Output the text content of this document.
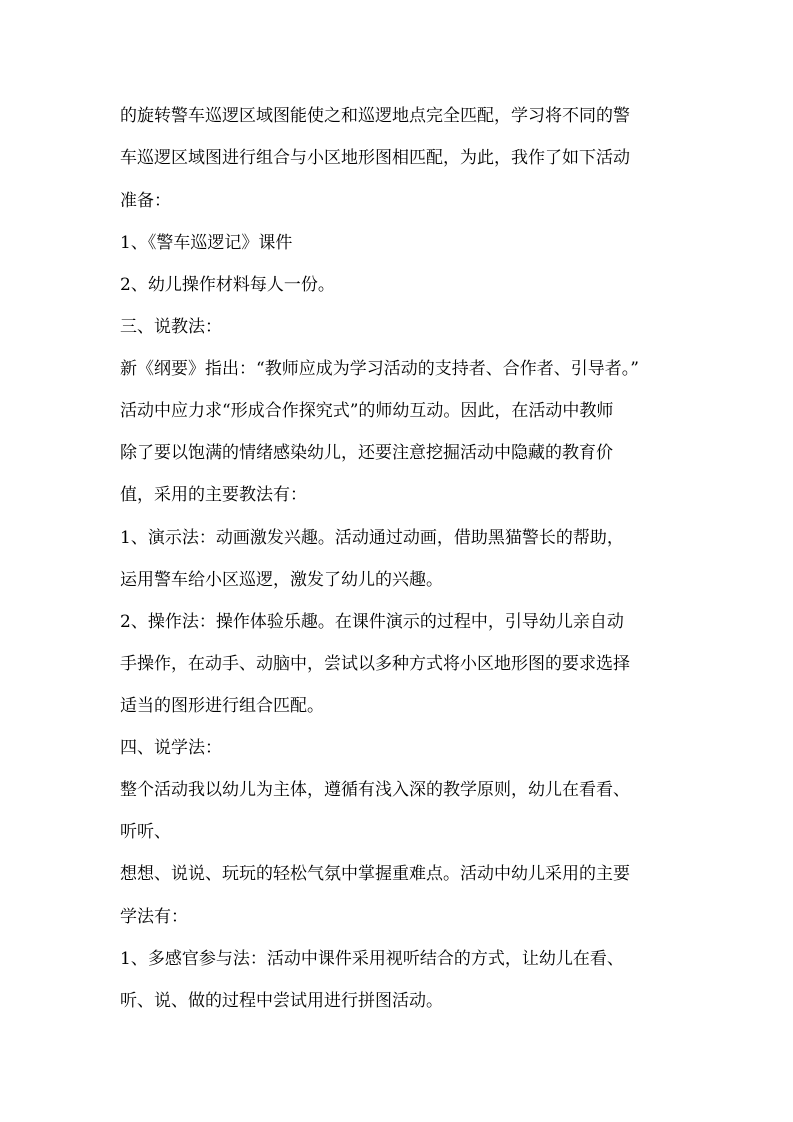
的旋转警车巡逻区域图能使之和巡逻地点完全匹配，学习将不同的警
车巡逻区域图进行组合与小区地形图相匹配，为此，我作了如下活动
准备：
1、《警车巡逻记》课件
2、幼儿操作材料每人一份。
三、说教法：
新《纲要》指出：“教师应成为学习活动的支持者、合作者、引导者。”
活动中应力求“形成合作探究式”的师幼互动。因此，在活动中教师
除了要以饱满的情绪感染幼儿，还要注意挖掘活动中隐藏的教育价
值，采用的主要教法有：
1、演示法：动画激发兴趣。活动通过动画，借助黑猫警长的帮助，
运用警车给小区巡逻，激发了幼儿的兴趣。
2、操作法：操作体验乐趣。在课件演示的过程中，引导幼儿亲自动
手操作，在动手、动脑中，尝试以多种方式将小区地形图的要求选择
适当的图形进行组合匹配。
四、说学法：
整个活动我以幼儿为主体，遵循有浅入深的教学原则，幼儿在看看、
听听、
想想、说说、玩玩的轻松气氛中掌握重难点。活动中幼儿采用的主要
学法有：
1、多感官参与法：活动中课件采用视听结合的方式，让幼儿在看、
听、说、做的过程中尝试用进行拼图活动。
